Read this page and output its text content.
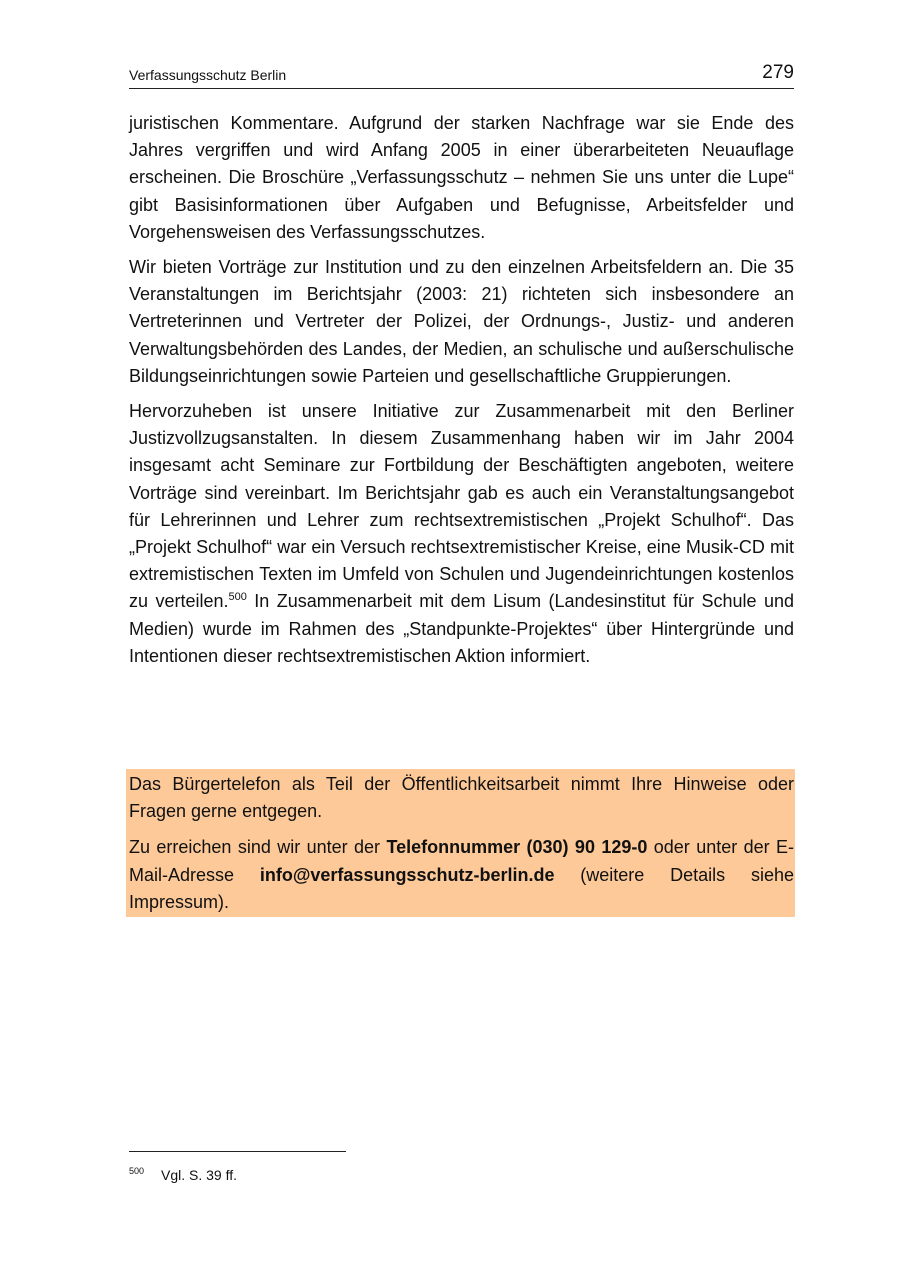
Verfassungsschutz Berlin	279

juristischen Kommentare. Aufgrund der starken Nachfrage war sie Ende des Jahres vergriffen und wird Anfang 2005 in einer überarbeiteten Neuauflage erscheinen. Die Broschüre „Verfassungsschutz – nehmen Sie uns unter die Lupe“ gibt Basisinformationen über Aufgaben und Befugnisse, Arbeitsfelder und Vorgehensweisen des Verfassungsschutzes.

Wir bieten Vorträge zur Institution und zu den einzelnen Arbeitsfeldern an. Die 35 Veranstaltungen im Berichtsjahr (2003: 21) richteten sich insbesondere an Vertreterinnen und Vertreter der Polizei, der Ordnungs-, Justiz- und anderen Verwaltungsbehörden des Landes, der Medien, an schulische und außerschulische Bildungseinrichtungen sowie Parteien und gesellschaftliche Gruppierungen.

Hervorzuheben ist unsere Initiative zur Zusammenarbeit mit den Berliner Justizvollzugsanstalten. In diesem Zusammenhang haben wir im Jahr 2004 insgesamt acht Seminare zur Fortbildung der Beschäftigten angeboten, weitere Vorträge sind vereinbart. Im Berichtsjahr gab es auch ein Veranstaltungsangebot für Lehrerinnen und Lehrer zum rechtsextremistischen „Projekt Schulhof“. Das „Projekt Schulhof“ war ein Versuch rechtsextremistischer Kreise, eine Musik-CD mit extremistischen Texten im Umfeld von Schulen und Jugendeinrichtungen kostenlos zu verteilen.$^{500}$ In Zusammenarbeit mit dem Lisum (Landesinstitut für Schule und Medien) wurde im Rahmen des „Standpunkte-Projektes“ über Hintergründe und Intentionen dieser rechtsextremistischen Aktion informiert.

Das Bürgertelefon als Teil der Öffentlichkeitsarbeit nimmt Ihre Hinweise oder Fragen gerne entgegen.

Zu erreichen sind wir unter der Telefonnummer (030) 90 129-0 oder unter der E-Mail-Adresse info@verfassungsschutz-berlin.de (weitere Details siehe Impressum).

500 Vgl. S. 39 ff.
